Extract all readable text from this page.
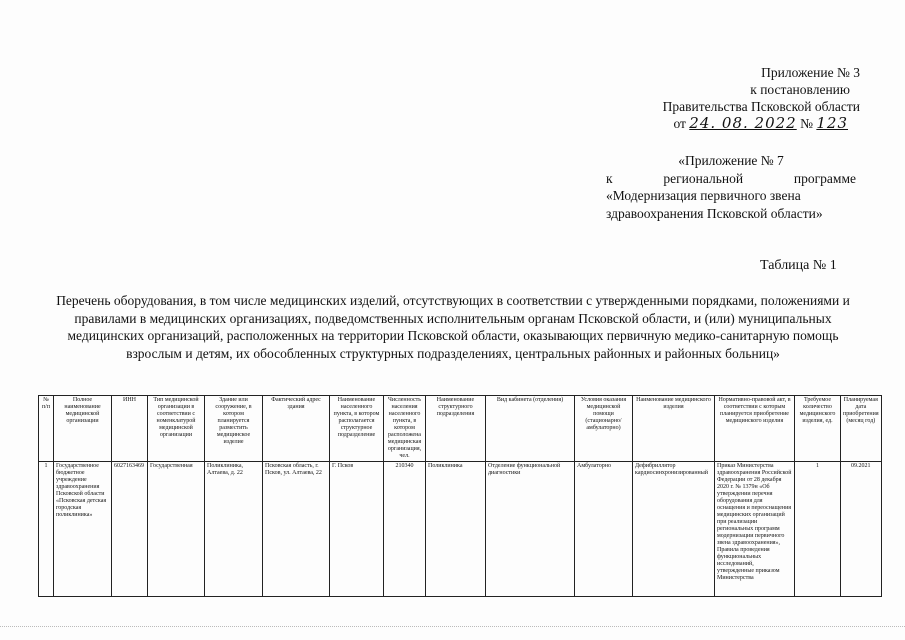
Приложение № 3
к постановлению
Правительства Псковской области
от 24. 08. 2022 № 123
«Приложение № 7
к	региональной	программе
«Модернизация первичного звена
здравоохранения Псковской области»
Таблица № 1
Перечень оборудования, в том числе медицинских изделий, отсутствующих в соответствии с утвержденными порядками, положениями и правилами в медицинских организациях, подведомственных исполнительным органам Псковской области, и (или) муниципальных медицинских организаций, расположенных на территории Псковской области, оказывающих первичную медико-санитарную помощь взрослым и детям, их обособленных структурных подразделениях, центральных районных и районных больниц»
№ п/п	Полное наименование медицинской организации	ИНН	Тип медицинской организации в соответствии с номенклатурой медицинской организации	Здание или сооружение, в котором планируется разместить медицинское изделие	Фактический адрес здания	Наименование населенного пункта, в котором располагается структурное подразделение	Численность населения населенного пункта, в котором расположена медицинская организация, чел.	Наименование структурного подразделения	Вид кабинета (отделения)	Условия оказания медицинской помощи (стационарно/ амбулаторно)	Наименование медицинского изделия	Нормативно-правовой акт, в соответствии с которым планируется приобретение медицинского изделия	Требуемое количество медицинского изделия, ед.	Планируемая дата приобретения (месяц год)
1	Государственное бюджетное учреждение здравоохранения Псковской области «Псковская детская городская поликлиника»	6027163469	Государственная	Поликлиника, Алтаева, д. 22	Псковская область, г. Псков, ул. Алтаева, 22	Г. Псков	210340	Поликлиника	Отделение функциональной диагностики	Амбулаторно	Дефибриллятор кардиосинхронизированный	Приказ Министерства здравоохранения Российской Федерации от 28 декабря 2020 г. № 1379н «Об утверждении перечня оборудования для оснащения и переоснащения медицинских организаций при реализации региональных программ модернизации первичного звена здравоохранения», Правила проведения функциональных исследований, утвержденные приказом Министерства	1	09.2021
